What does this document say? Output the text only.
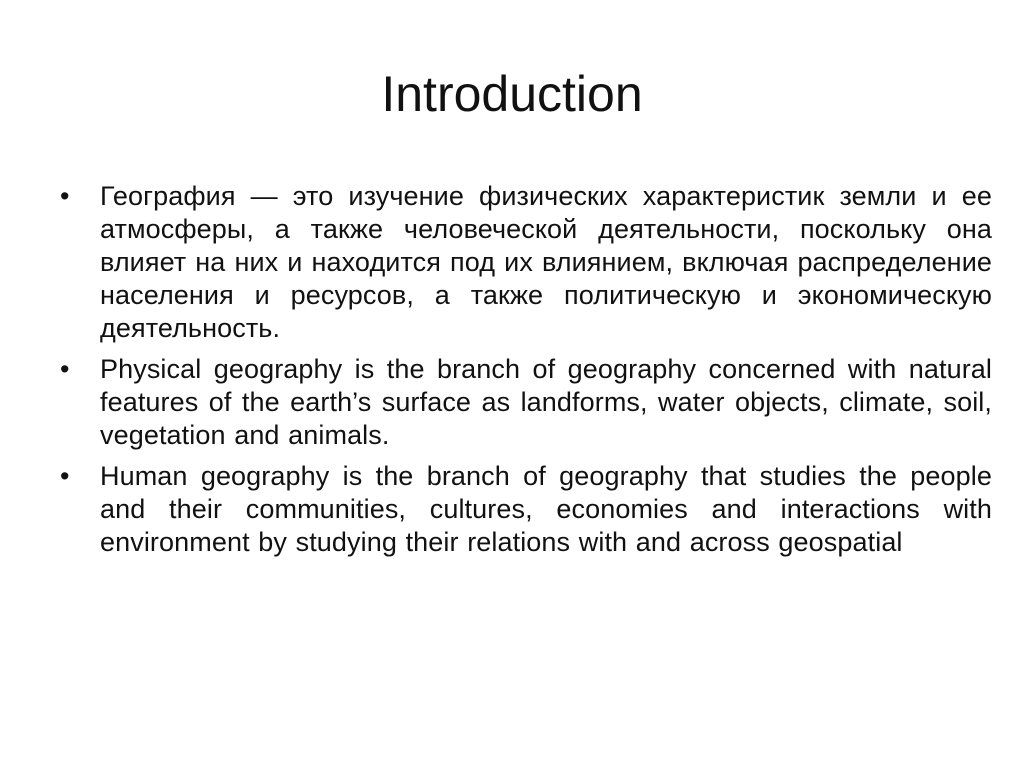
Introduction
•	География — это изучение физических характеристик земли и ее атмосферы, а также человеческой деятельности, поскольку она влияет на них и находится под их влиянием, включая распределение населения и ресурсов, а также политическую и экономическую деятельность.
•	Physical geography is the branch of geography concerned with natural features of the earth’s surface as landforms, water objects, climate, soil, vegetation and animals.
•	Human geography is the branch of geography that studies the people and their communities, cultures, economies and interactions with environment by studying their relations with and across geospatial
